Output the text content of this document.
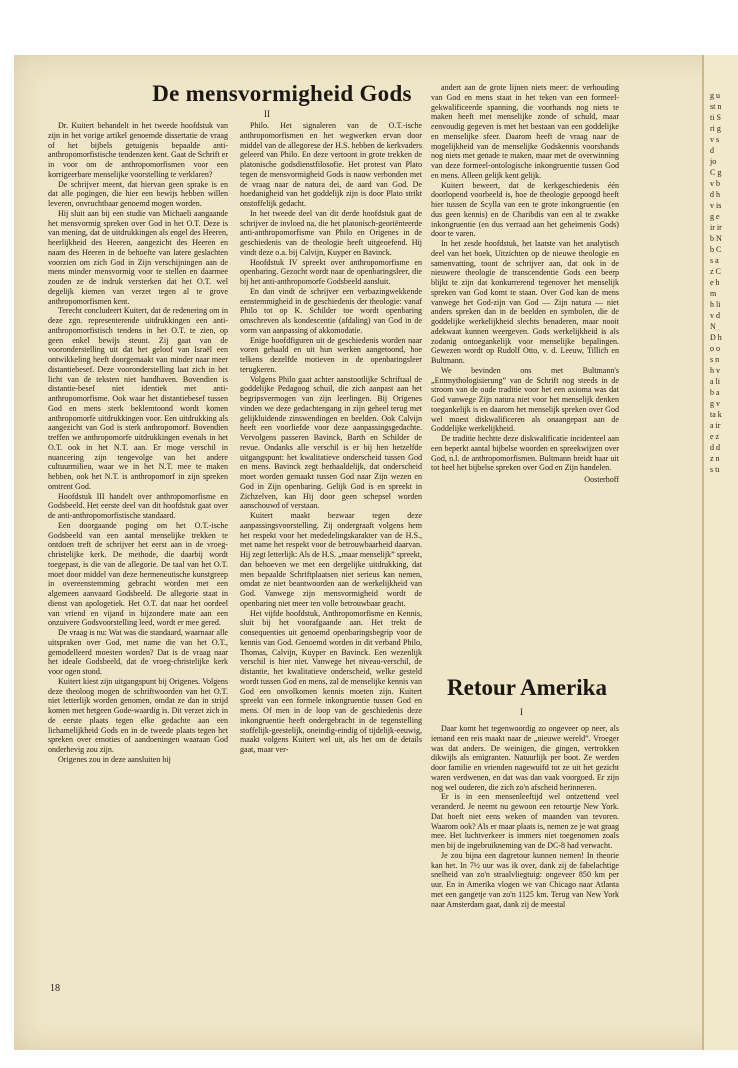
De mensvormigheid Gods
II

Dr. Kuitert behandelt in het tweede hoofdstuk van zijn in het vorige artikel genoemde dissertatie de vraag of het bijbels getuigenis bepaalde anti-anthropomorfistische tendenzen kent. Gaat de Schrift er in voor om de anthropomorfismen voor een korrigeerbare menselijke voorstelling te verklaren?

De schrijver meent, dat hiervan geen sprake is en dat alle pogingen, die hier een bewijs hebben willen leveren, onvruchtbaar genoemd mogen worden.

Hij sluit aan bij een studie van Michaeli aangaande het mensvormig spreken over God in het O.T. Deze is van mening, dat de uitdrukkingen als engel des Heeren, heerlijkheid des Heeren, aangezicht des Heeren en naam des Heeren in de behoefte van latere geslachten voorzien om zich God in Zijn verschijningen aan de mens minder mensvormig voor te stellen en daarmee zouden ze de indruk versterken dat het O.T. wel degelijk kiemen van verzet tegen al te grove anthropomorfismen kent.

Terecht concludeert Kuitert, dat de redenering om in deze zgn. representerende uitdrukkingen een anti-anthropomorfistisch tendens in het O.T. te zien, op geen enkel bewijs steunt. Zij gaat van de vooronderstelling uit dat het geloof van Israël een ontwikkeling heeft doorgemaakt van minder naar meer distantiebesef. Deze vooronderstelling laat zich in het licht van de teksten niet handhaven. Bovendien is distantie-besef niet identiek met anti-anthropomorfisme. Ook waar het distantiebesef tussen God en mens sterk beklemtoond wordt komen anthropomorfe uitdrukkingen voor. Een uitdrukking als aangezicht van God is sterk anthropomorf. Bovendien treffen we anthropomorfe uitdrukkingen evenals in het O.T. ook in het N.T. aan. Er moge verschil in nuancering zijn tengevolge van het andere cultuurmilieu, waar we in het N.T. mee te maken hebben, ook het N.T. is anthropomorf in zijn spreken omtrent God.

Hoofdstuk III handelt over anthropomorfisme en Godsbeeld. Het eerste deel van dit hoofdstuk gaat over de anti-anthropomorfistische standaard.

Een doorgaande poging om het O.T.-ische Godsbeeld van een aantal menselijke trekken te ontdoen treft de schrijver het eerst aan in de vroeg-christelijke kerk. De methode, die daarbij wordt toegepast, is die van de allegorie. De taal van het O.T. moet door middel van deze hermeneutische kunstgreep in overeenstemming gebracht worden met een algemeen aanvaard Godsbeeld. De allegorie staat in dienst van apologetiek. Het O.T. dat naar het oordeel van vriend en vijand in bijzondere mate aan een onzuivere Godsvoorstelling leed, wordt er mee gered.

De vraag is nu: Wat was die standaard, waarnaar alle uitspraken over God, met name die van het O.T., gemodelleerd moesten worden? Dat is de vraag naar het ideale Godsbeeld, dat de vroeg-christelijke kerk voor ogen stond.

Kuitert kiest zijn uitgangspunt bij Origenes. Volgens deze theoloog mogen de schriftwoorden van het O.T. niet letterlijk worden genomen, omdat ze dan in strijd komen met hetgeen Gode-waardig is. Dit verzet zich in de eerste plaats tegen elke gedachte aan een lichamelijkheid Gods en in de tweede plaats tegen het spreken over emoties of aandoeningen waaraan God onderhevig zou zijn.

Origenes zou in deze aansluiten bij

Philo. Het signaleren van de O.T.-ische anthropomorfismen en het wegwerken ervan door middel van de allegorese der H.S. hebben de kerkvaders geleerd van Philo. En deze vertoont in grote trekken de platonische godsdienstfilosofie. Het protest van Plato tegen de mensvormigheid Gods is nauw verbonden met de vraag naar de natura dei, de aard van God. De hoedanigheid van het goddelijk zijn is door Plato strikt onstoffelijk gedacht.

In het tweede deel van dit derde hoofdstuk gaat de schrijver de invloed na, die het platonisch-georiënteerde anti-anthropomorfisme van Philo en Origenes in de geschiedenis van de theologie heeft uitgeoefend. Hij vindt deze o.a. bij Calvijn, Kuyper en Bavinck.

Hoofdstuk IV spreekt over anthropomorfisme en openbaring. Gezocht wordt naar de openbaringsleer, die bij het anti-anthropomorfe Godsbeeld aansluit.

En dan vindt de schrijver een verbazingwekkende eenstemmigheid in de geschiedenis der theologie: vanaf Philo tot op K. Schilder toe wordt openbaring omschreven als kondescentie (afdaling) van God in de vorm van aanpassing of akkomodatie.

Enige hoofdfiguren uit de geschiedenis worden naar voren gehaald en uit hun werken aangetoond, hoe telkens dezelfde motieven in de openbaringsleer terugkeren.

Volgens Philo gaat achter aanstootlijke Schriftaal de goddelijke Pedagoog schuil, die zich aanpast aan het begripsvermogen van zijn leerlingen. Bij Origenes vinden we deze gedachtengang in zijn geheel terug met gelijkluidende zinswendingen en beelden. Ook Calvijn heeft een voorliefde voor deze aanpassingsgedachte. Vervolgens passeren Bavinck, Barth en Schilder de revue. Ondanks alle verschil is er bij hen hetzelfde uitgangspunt: het kwalitatieve onderscheid tussen God en mens. Bavinck zegt herhaaldelijk, dat onderscheid moet worden gemaakt tussen God naar Zijn wezen en God in Zijn openbaring. Gelijk God is en spreekt in Zichzelven, kan Hij door geen schepsel worden aanschouwd of verstaan.

Kuitert maakt bezwaar tegen deze aanpassingsvoorstelling. Zij ondergraaft volgens hem het respekt voor het mededelingskarakter van de H.S., met name het respekt voor de betrouwbaarheid daarvan. Hij zegt letterlijk: Als de H.S. „maar menselijk” spreekt, dan behoeven we met een dergelijke uitdrukking, dat men bepaalde Schriftplaatsen niet serieus kan nemen, omdat ze niet beantwoorden aan de werkelijkheid van God. Vanwege zijn mensvormigheid wordt de openbaring niet meer ten volle betrouwbaar geacht.

Het vijfde hoofdstuk, Anthropomorfisme en Kennis, sluit bij het voorafgaande aan. Het trekt de consequenties uit genoemd openbaringsbegrip voor de kennis van God. Genoemd worden in dit verband Philo, Thomas, Calvijn, Kuyper en Bavinck. Een wezenlijk verschil is hier niet. Vanwege het niveau-verschil, de distantie, het kwalitatieve onderscheid, welke gesteld wordt tussen God en mens, zal de menselijke kennis van God een onvolkomen kennis moeten zijn. Kuitert spreekt van een formele inkongruentie tussen God en mens. Of men in de loop van de geschiedenis deze inkongruentie heeft ondergebracht in de tegenstelling stoffelijk-geestelijk, oneindig-eindig of tijdelijk-eeuwig, maakt volgens Kuitert wel uit, als het om de details gaat, maar ver-

andert aan de grote lijnen niets meer: de verhouding van God en mens staat in het teken van een formeel-gekwalificeerde spanning, die voorhands nog niets te maken heeft met menselijke zonde of schuld, maar eenvoudig gegeven is met het bestaan van een goddelijke en menselijke sfeer. Daarom heeft de vraag naar de mogelijkheid van de menselijke Godskennis voorshands nog niets met genade te maken, maar met de overwinning van deze formeel-ontologische inkongruentie tussen God en mens. Alleen gelijk kent gelijk.

Kuitert beweert, dat de kerkgeschiedenis één doorlopend voorbeeld is, hoe de theologie gepoogd heeft hier tussen de Scylla van een te grote inkongruentie (en dus geen kennis) en de Charibdis van een al te zwakke inkongruentie (en dus verraad aan het geheimenis Gods) door te varen.

In het zesde hoofdstuk, het laatste van het analytisch deel van het boek, Uitzichten op de nieuwe theologie en samenvatting, toont de schrijver aan, dat ook in de nieuwere theologie de transcendentie Gods een beerp blijkt te zijn dat konkurrerend tegenover het menselijk spreken van God komt te staan. Over God kan de mens vanwege het God-zijn van God — Zijn natura — niet anders spreken dan in de beelden en symbolen, die de goddelijke werkelijkheid slechts benaderen, maar nooit adekwaat kunnen weergeven. Gods werkelijkheid is als zodanig ontoegankelijk voor menselijke bepalingen. Gewezen wordt op Rudolf Otto, v. d. Leeuw, Tillich en Bultmann.

We bevinden ons met Bultmann's „Entmythologisierung” van de Schrift nog steeds in de stroom van de oude traditie voor het een axioma was dat God vanwege Zijn natura niet voor het menselijk denken toegankelijk is en daarom het menselijk spreken over God wel moest diskwalificeren als onaangepast aan de Goddelijke werkelijkheid.

De traditie hechtte deze diskwalificatie incidenteel aan een beperkt aantal bijbelse woorden en spreekwijzen over God, n.l. de anthropomorfismen. Bultmann breidt haar uit tot heel het bijbelse spreken over God en Zijn handelen.

Oosterhoff
Retour Amerika
I

Daar komt het tegenwoordig zo ongeveer op neer, als iemand een reis maakt naar de „nieuwe wereld”. Vroeger was dat anders. De weinigen, die gingen, vertrokken dikwijls als emigranten. Natuurlijk per boot. Ze werden door familie en vrienden nagewuifd tot ze uit het gezicht waren verdwenen, en dat was dan vaak voorgoed. Er zijn nog wel ouderen, die zich zo'n afscheid herinneren.

Er is in een mensenleeftijd wel ontzettend veel veranderd. Je neemt nu gewoon een retourtje New York. Dat hoeft niet eens weken of maanden van tevoren. Waarom ook? Als er maar plaats is, nemen ze je wat graag mee. Het luchtverkeer is immers niet toegenomen zoals men bij de ingebruikneming van de DC-8 had verwacht.

Je zou bijna een dagretour kunnen nemen! In theorie kan het. In 7½ uur was ik over, dank zij de fabelachtige snelheid van zo'n straalvliegtuig: ongeveer 850 km per uur. En in Amerika vlogen we van Chicago naar Atlanta met een gangetje van zo'n 1125 km. Terug van New York naar Amsterdam gaat, dank zij de meestal

18
g u st n ti S ri g v s d jo C g v b d h v is g e ir ir b N b C s a z C e h m h li v d N D h o o s n h v a li b a g v ta k a ir e z d d z n s tı
